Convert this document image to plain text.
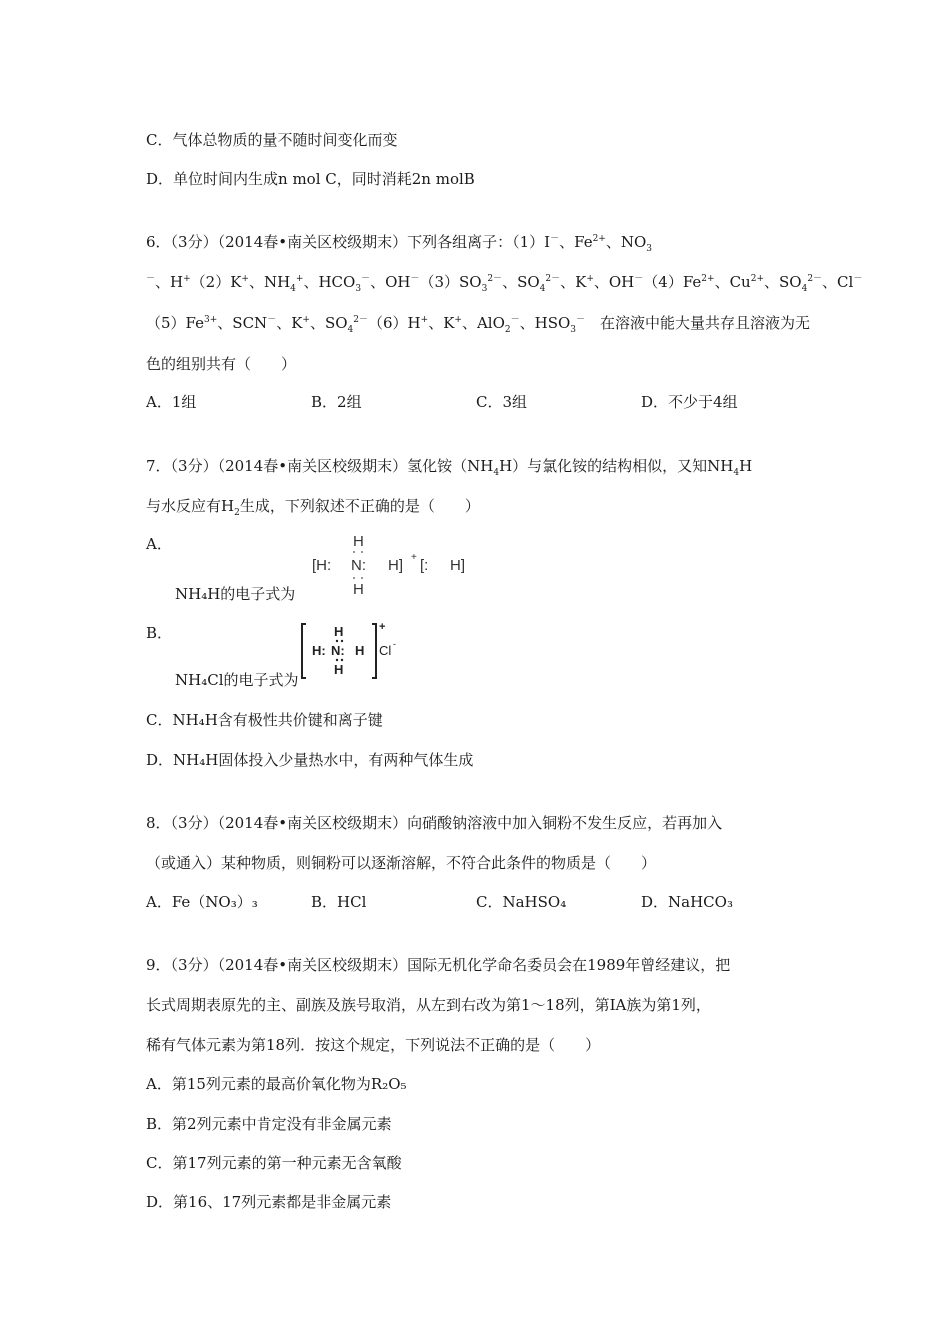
C．气体总物质的量不随时间变化而变
D．单位时间内生成n mol C，同时消耗2n molB
6．（3分）（2014春•南关区校级期末）下列各组离子：（1）I－、$Fe^{2+}$、$NO_3$
－、H+（2）K+、$NH_4^+$、$HCO_3^-$、$OH^-(3)SO_3^{2-}$、$SO_4^{2-}$、K+、$OH^-(4)Fe^{2+}$、$Cu^{2+}$、$SO_4^{2-}$、Cl－
$(5)Fe^{3+}$、SCN－、K+、$SO_4^{2-}(6)H^+$、K+、AlO$_2$－、$HSO_3^-$　在溶液中能大量共存且溶液为无
色的组别共有（　　）
A．1组	B．2组	C．3组	D．不少于4组
7．（3分）（2014春•南关区校级期末）氢化铵$(NH_4H)$与氯化铵的结构相似，又知$NH_4H$
与水反应有$H_2$生成，下列叙述不正确的是（　　）
A．
NH₄H的电子式为
[H:
H
N:
H
H] + [: H]
B．
NH₄Cl的电子式为
H
H: N: H
H
+
Cl -
C．NH₄H含有极性共价键和离子键
D．NH₄H固体投入少量热水中，有两种气体生成
8．（3分）（2014春•南关区校级期末）向硝酸钠溶液中加入铜粉不发生反应，若再加入
（或通入）某种物质，则铜粉可以逐渐溶解，不符合此条件的物质是（　　）
A．Fe（NO₃）₃	B．HCl	C．NaHSO₄	D．NaHCO₃
9．（3分）（2014春•南关区校级期末）国际无机化学命名委员会在1989年曾经建议，把
长式周期表原先的主、副族及族号取消，从左到右改为第1～18列，第ⅠA族为第1列，
稀有气体元素为第18列．按这个规定，下列说法不正确的是（　　）
A．第15列元素的最高价氧化物为R₂O₅
B．第2列元素中肯定没有非金属元素
C．第17列元素的第一种元素无含氧酸
D．第16、17列元素都是非金属元素
